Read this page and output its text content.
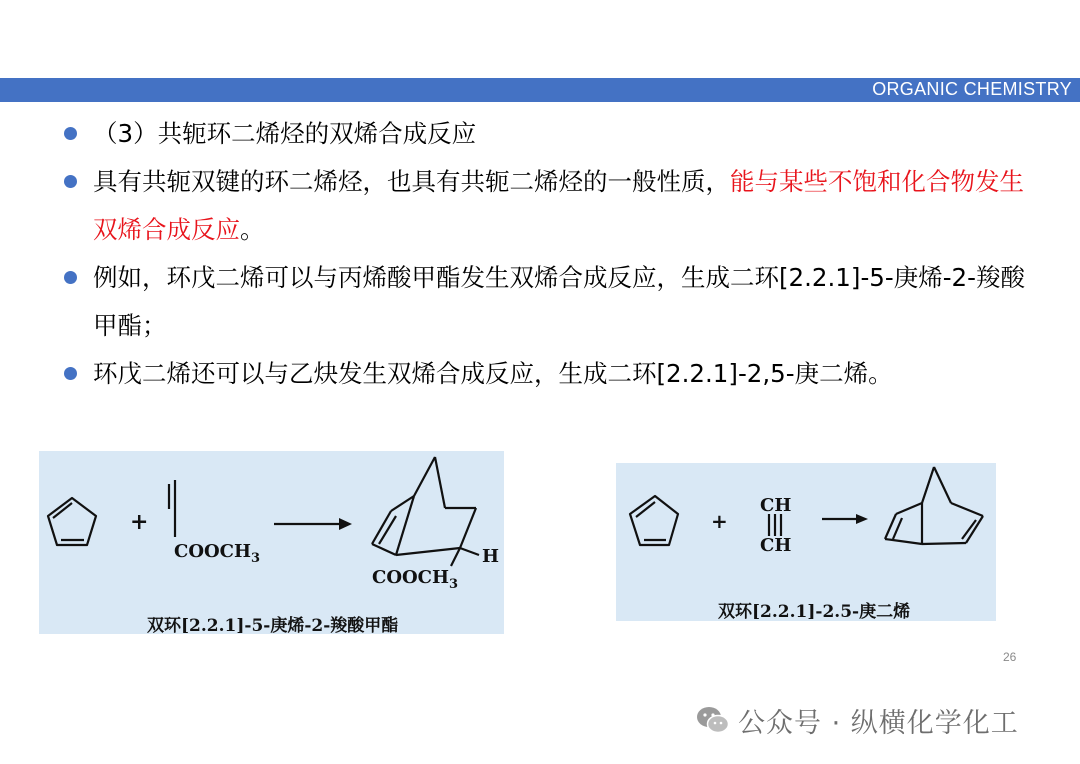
ORGANIC CHEMISTRY
（3）共轭环二烯烃的双烯合成反应
具有共轭双键的环二烯烃，也具有共轭二烯烃的一般性质，能与某些不饱和化合物发生双烯合成反应。
例如，环戊二烯可以与丙烯酸甲酯发生双烯合成反应，生成二环[2.2.1]-5-庚烯-2-羧酸甲酯；
环戊二烯还可以与乙炔发生双烯合成反应，生成二环[2.2.1]-2,5-庚二烯。
+
$COOCH_3$	H
$COOCH_3$
双环[2.2.1]-5-庚烯-2-羧酸甲酯
+
CH
CH
双环[2.2.1]-2.5-庚二烯
26
公众号 · 纵横化学化工
